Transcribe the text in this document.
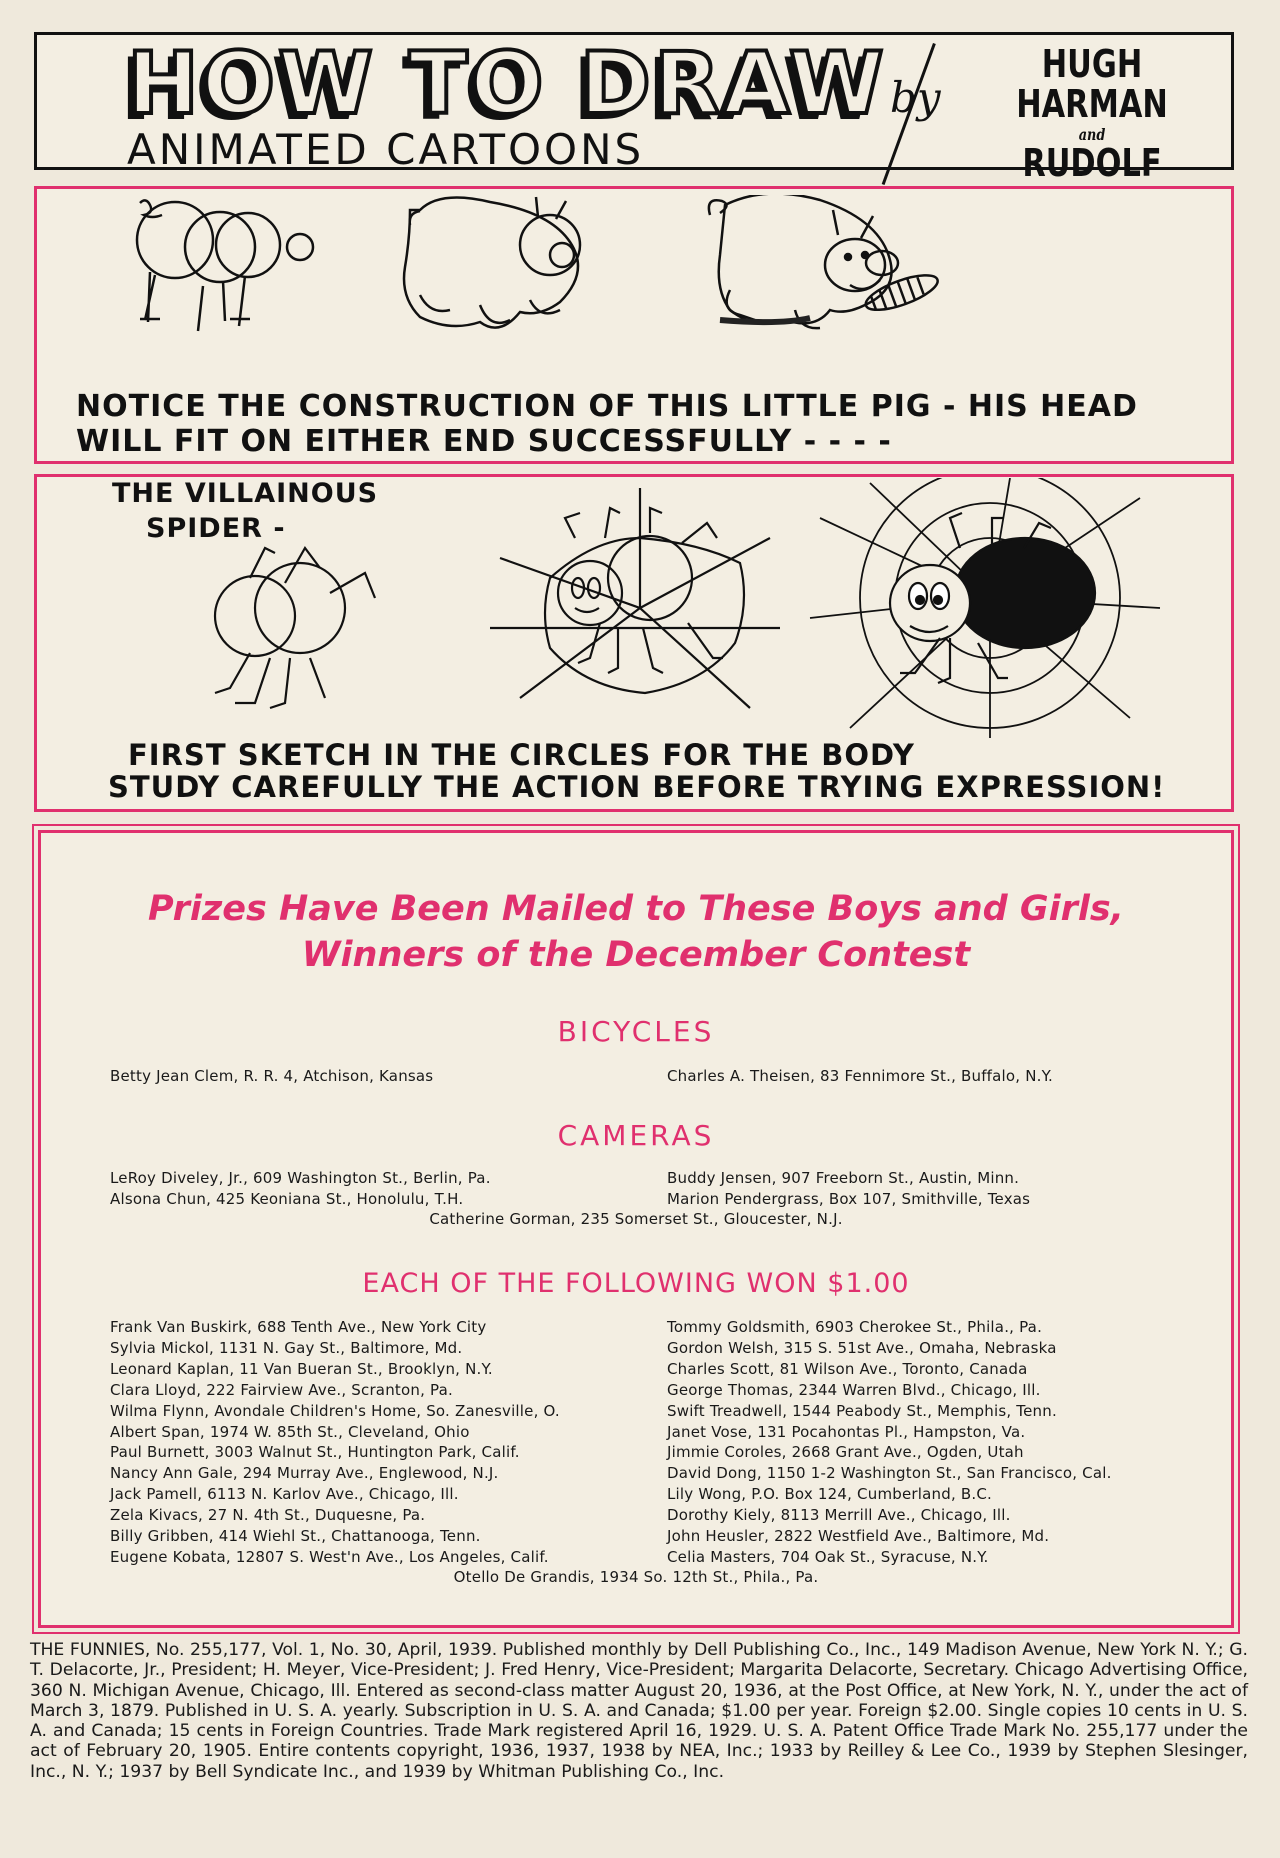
HOW TO DRAW
ANIMATED CARTOONS
by
HUGH HARMAN
and
RUDOLF
NOTICE THE CONSTRUCTION OF THIS LITTLE PIG - HIS HEAD
WILL FIT ON EITHER END SUCCESSFULLY - - - -
THE VILLAINOUS
SPIDER -
FIRST SKETCH IN THE CIRCLES FOR THE BODY
STUDY CAREFULLY THE ACTION BEFORE TRYING EXPRESSION!
Prizes Have Been Mailed to These Boys and Girls,
Winners of the December Contest
BICYCLES
Betty Jean Clem, R. R. 4, Atchison, Kansas	Charles A. Theisen, 83 Fennimore St., Buffalo, N.Y.
CAMERAS
LeRoy Diveley, Jr., 609 Washington St., Berlin, Pa.
Alsona Chun, 425 Keoniana St., Honolulu, T.H.
Buddy Jensen, 907 Freeborn St., Austin, Minn.
Marion Pendergrass, Box 107, Smithville, Texas
Catherine Gorman, 235 Somerset St., Gloucester, N.J.
EACH OF THE FOLLOWING WON $1.00
Frank Van Buskirk, 688 Tenth Ave., New York City
Sylvia Mickol, 1131 N. Gay St., Baltimore, Md.
Leonard Kaplan, 11 Van Bueran St., Brooklyn, N.Y.
Clara Lloyd, 222 Fairview Ave., Scranton, Pa.
Wilma Flynn, Avondale Children's Home, So. Zanesville, O.
Albert Span, 1974 W. 85th St., Cleveland, Ohio
Paul Burnett, 3003 Walnut St., Huntington Park, Calif.
Nancy Ann Gale, 294 Murray Ave., Englewood, N.J.
Jack Pamell, 6113 N. Karlov Ave., Chicago, Ill.
Zela Kivacs, 27 N. 4th St., Duquesne, Pa.
Billy Gribben, 414 Wiehl St., Chattanooga, Tenn.
Eugene Kobata, 12807 S. West'n Ave., Los Angeles, Calif.
Tommy Goldsmith, 6903 Cherokee St., Phila., Pa.
Gordon Welsh, 315 S. 51st Ave., Omaha, Nebraska
Charles Scott, 81 Wilson Ave., Toronto, Canada
George Thomas, 2344 Warren Blvd., Chicago, Ill.
Swift Treadwell, 1544 Peabody St., Memphis, Tenn.
Janet Vose, 131 Pocahontas Pl., Hampston, Va.
Jimmie Coroles, 2668 Grant Ave., Ogden, Utah
David Dong, 1150 1-2 Washington St., San Francisco, Cal.
Lily Wong, P.O. Box 124, Cumberland, B.C.
Dorothy Kiely, 8113 Merrill Ave., Chicago, Ill.
John Heusler, 2822 Westfield Ave., Baltimore, Md.
Celia Masters, 704 Oak St., Syracuse, N.Y.
Otello De Grandis, 1934 So. 12th St., Phila., Pa.
THE FUNNIES, No. 255,177, Vol. 1, No. 30, April, 1939. Published monthly by Dell Publishing Co., Inc., 149 Madison Avenue, New York N. Y.; G. T. Delacorte, Jr., President; H. Meyer, Vice-President; J. Fred Henry, Vice-President; Margarita Delacorte, Secretary. Chicago Advertising Office, 360 N. Michigan Avenue, Chicago, Ill. Entered as second-class matter August 20, 1936, at the Post Office, at New York, N. Y., under the act of March 3, 1879. Published in U. S. A. yearly. Subscription in U. S. A. and Canada; $1.00 per year. Foreign $2.00. Single copies 10 cents in U. S. A. and Canada; 15 cents in Foreign Countries. Trade Mark registered April 16, 1929. U. S. A. Patent Office Trade Mark No. 255,177 under the act of February 20, 1905. Entire contents copyright, 1936, 1937, 1938 by NEA, Inc.; 1933 by Reilley & Lee Co., 1939 by Stephen Slesinger, Inc., N. Y.; 1937 by Bell Syndicate Inc., and 1939 by Whitman Publishing Co., Inc.
